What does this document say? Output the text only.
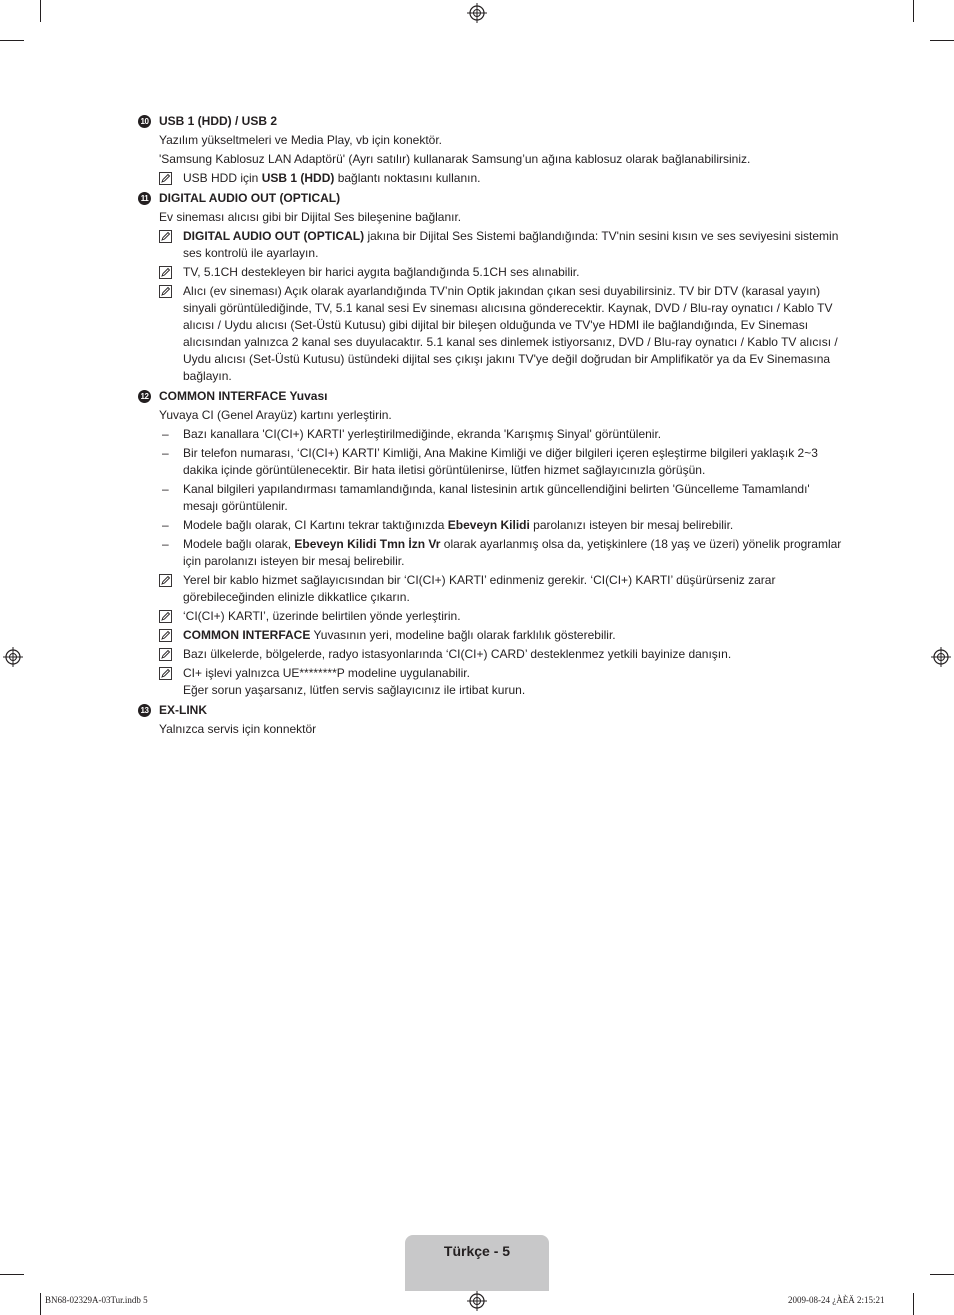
10 USB 1 (HDD) / USB 2
Yazılım yükseltmeleri ve Media Play, vb için konektör.
'Samsung Kablosuz LAN Adaptörü' (Ayrı satılır) kullanarak Samsung’un ağına kablosuz olarak bağlanabilirsiniz.
USB HDD için USB 1 (HDD) bağlantı noktasını kullanın.
11 DIGITAL AUDIO OUT (OPTICAL)
Ev sineması alıcısı gibi bir Dijital Ses bileşenine bağlanır.
DIGITAL AUDIO OUT (OPTICAL) jakına bir Dijital Ses Sistemi bağlandığında: TV'nin sesini kısın ve ses seviyesini sistemin ses kontrolü ile ayarlayın.
TV, 5.1CH destekleyen bir harici aygıta bağlandığında 5.1CH ses alınabilir.
Alıcı (ev sineması) Açık olarak ayarlandığında TV’nin Optik jakından çıkan sesi duyabilirsiniz. TV bir DTV (karasal yayın) sinyali görüntülediğinde, TV, 5.1 kanal sesi Ev sineması alıcısına gönderecektir. Kaynak, DVD / Blu-ray oynatıcı / Kablo TV alıcısı / Uydu alıcısı (Set-Üstü Kutusu) gibi dijital bir bileşen olduğunda ve TV'ye HDMI ile bağlandığında, Ev Sineması alıcısından yalnızca 2 kanal ses duyulacaktır. 5.1 kanal ses dinlemek istiyorsanız, DVD / Blu-ray oynatıcı / Kablo TV alıcısı / Uydu alıcısı (Set-Üstü Kutusu) üstündeki dijital ses çıkışı jakını TV'ye değil doğrudan bir Amplifikatör ya da Ev Sinemasına bağlayın.
12 COMMON INTERFACE Yuvası
Yuvaya CI (Genel Arayüz) kartını yerleştirin.
– Bazı kanallara 'CI(CI+) KARTI' yerleştirilmediğinde, ekranda 'Karışmış Sinyal' görüntülenir.
– Bir telefon numarası, ‘CI(CI+) KARTI’ Kimliği, Ana Makine Kimliği ve diğer bilgileri içeren eşleştirme bilgileri yaklaşık 2~3 dakika içinde görüntülenecektir. Bir hata iletisi görüntülenirse, lütfen hizmet sağlayıcınızla görüşün.
– Kanal bilgileri yapılandırması tamamlandığında, kanal listesinin artık güncellendiğini belirten 'Güncelleme Tamamlandı' mesajı görüntülenir.
– Modele bağlı olarak, CI Kartını tekrar taktığınızda Ebeveyn Kilidi parolanızı isteyen bir mesaj belirebilir.
– Modele bağlı olarak, Ebeveyn Kilidi Tmn İzn Vr olarak ayarlanmış olsa da, yetişkinlere (18 yaş ve üzeri) yönelik programlar için parolanızı isteyen bir mesaj belirebilir.
Yerel bir kablo hizmet sağlayıcısından bir ‘CI(CI+) KARTI’ edinmeniz gerekir. ‘CI(CI+) KARTI’ düşürürseniz zarar görebileceğinden elinizle dikkatlice çıkarın.
‘CI(CI+) KARTI’, üzerinde belirtilen yönde yerleştirin.
COMMON INTERFACE Yuvasının yeri, modeline bağlı olarak farklılık gösterebilir.
Bazı ülkelerde, bölgelerde, radyo istasyonlarında ‘CI(CI+) CARD’ desteklenmez yetkili bayinize danışın.
CI+ işlevi yalnızca UE********P modeline uygulanabilir.
Eğer sorun yaşarsanız, lütfen servis sağlayıcınız ile irtibat kurun.
13 EX-LINK
Yalnızca servis için konnektör
Türkçe - 5
BN68-02329A-03Tur.indb 5	2009-08-24 ¿ÀÈÄ 2:15:21
